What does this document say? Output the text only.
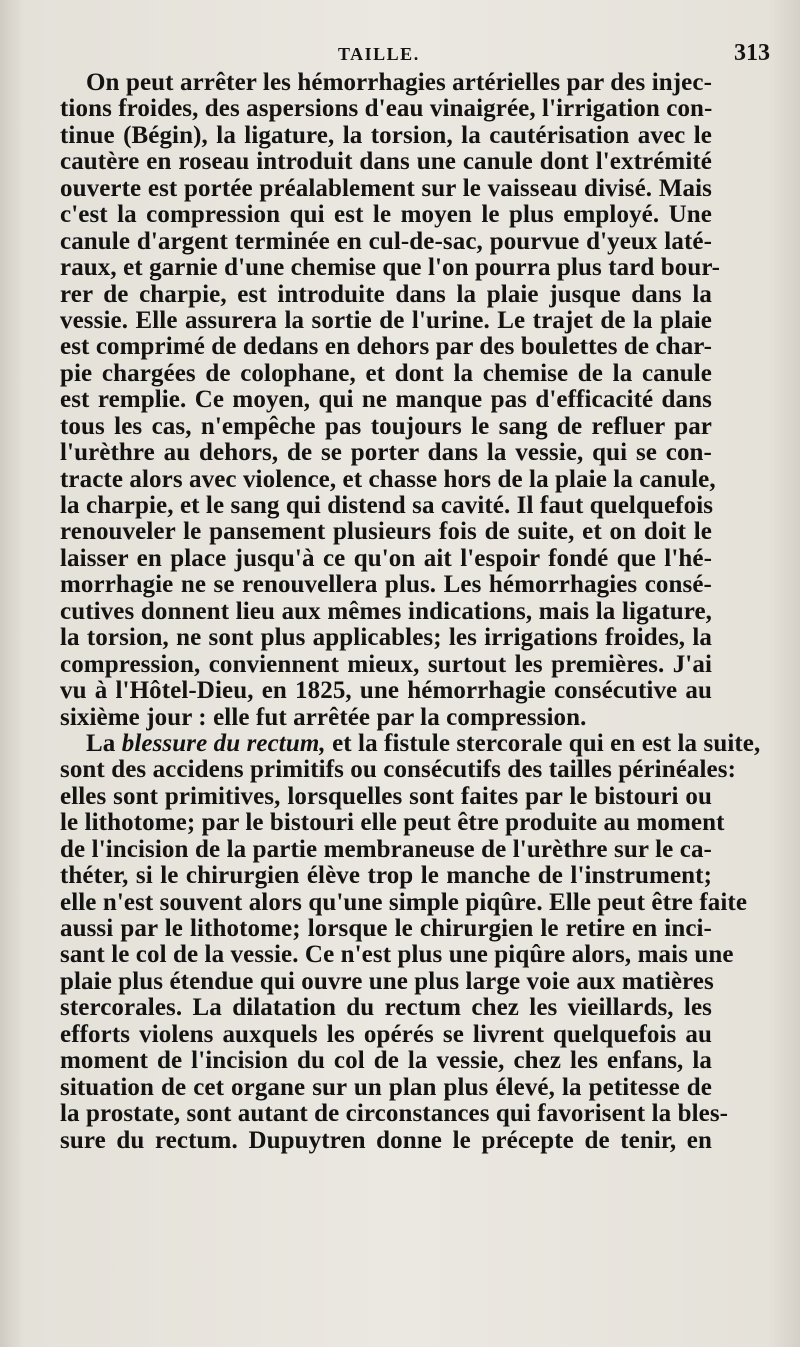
TAILLE.	313
On peut arrêter les hémorrhagies artérielles par des injec-
tions froides, des aspersions d'eau vinaigrée, l'irrigation con-
tinue (Bégin), la ligature, la torsion, la cautérisation avec le
cautère en roseau introduit dans une canule dont l'extrémité
ouverte est portée préalablement sur le vaisseau divisé. Mais
c'est la compression qui est le moyen le plus employé. Une
canule d'argent terminée en cul-de-sac, pourvue d'yeux laté-
raux, et garnie d'une chemise que l'on pourra plus tard bour-
rer de charpie, est introduite dans la plaie jusque dans la
vessie. Elle assurera la sortie de l'urine. Le trajet de la plaie
est comprimé de dedans en dehors par des boulettes de char-
pie chargées de colophane, et dont la chemise de la canule
est remplie. Ce moyen, qui ne manque pas d'efficacité dans
tous les cas, n'empêche pas toujours le sang de refluer par
l'urèthre au dehors, de se porter dans la vessie, qui se con-
tracte alors avec violence, et chasse hors de la plaie la canule,
la charpie, et le sang qui distend sa cavité. Il faut quelquefois
renouveler le pansement plusieurs fois de suite, et on doit le
laisser en place jusqu'à ce qu'on ait l'espoir fondé que l'hé-
morrhagie ne se renouvellera plus. Les hémorrhagies consé-
cutives donnent lieu aux mêmes indications, mais la ligature,
la torsion, ne sont plus applicables; les irrigations froides, la
compression, conviennent mieux, surtout les premières. J'ai
vu à l'Hôtel-Dieu, en 1825, une hémorrhagie consécutive au
sixième jour : elle fut arrêtée par la compression.
La blessure du rectum, et la fistule stercorale qui en est la suite,
sont des accidens primitifs ou consécutifs des tailles périnéales:
elles sont primitives, lorsquelles sont faites par le bistouri ou
le lithotome; par le bistouri elle peut être produite au moment
de l'incision de la partie membraneuse de l'urèthre sur le ca-
théter, si le chirurgien élève trop le manche de l'instrument;
elle n'est souvent alors qu'une simple piqûre. Elle peut être faite
aussi par le lithotome; lorsque le chirurgien le retire en inci-
sant le col de la vessie. Ce n'est plus une piqûre alors, mais une
plaie plus étendue qui ouvre une plus large voie aux matières
stercorales. La dilatation du rectum chez les vieillards, les
efforts violens auxquels les opérés se livrent quelquefois au
moment de l'incision du col de la vessie, chez les enfans, la
situation de cet organe sur un plan plus élevé, la petitesse de
la prostate, sont autant de circonstances qui favorisent la bles-
sure du rectum. Dupuytren donne le précepte de tenir, en
